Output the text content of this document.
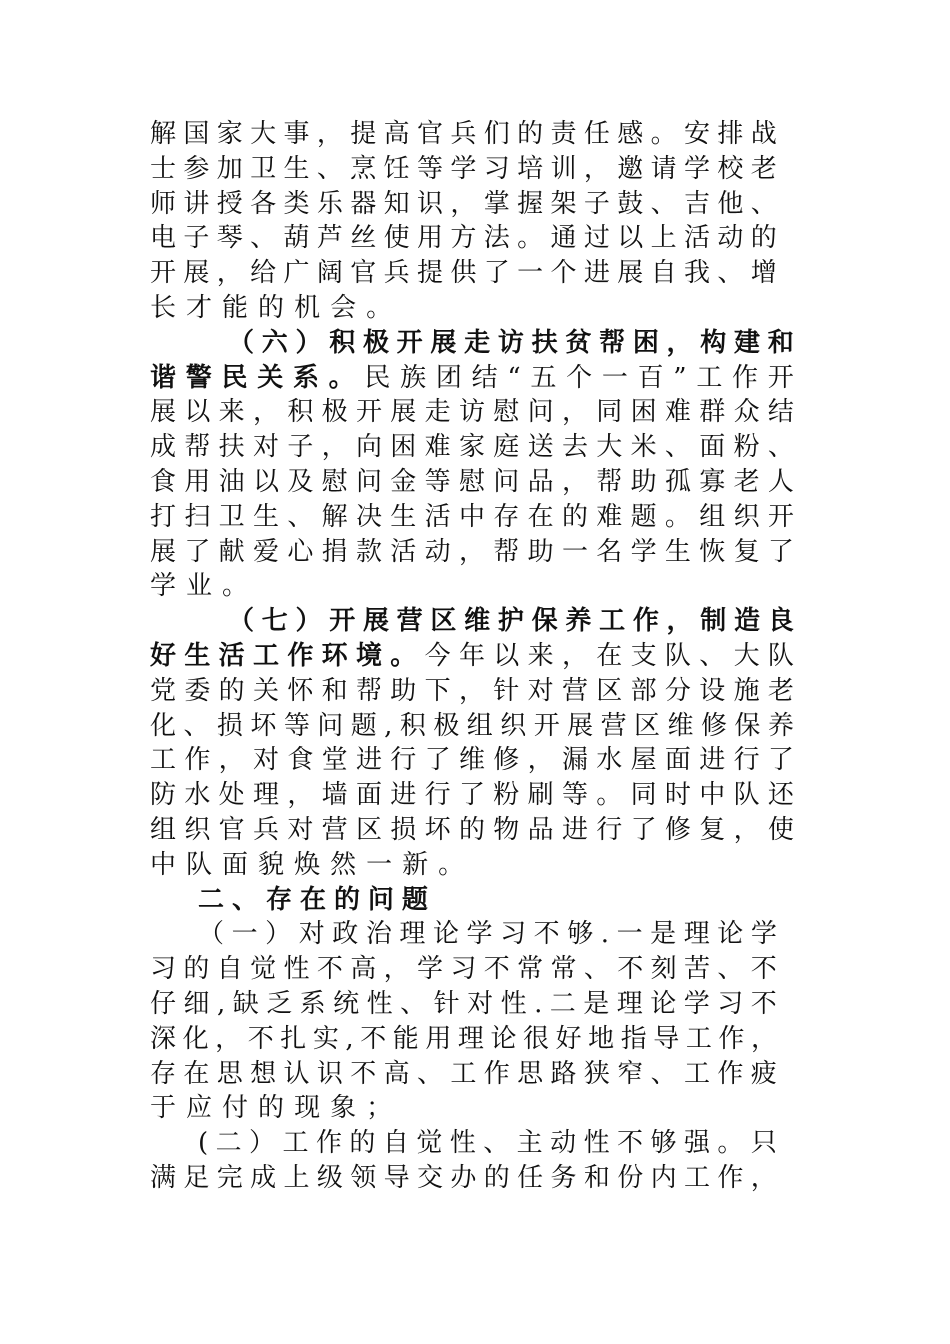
解 国 家 大 事 ， 提 高 官 兵 们 的 责 任 感 。 安 排 战
士 参 加 卫 生 、 烹 饪 等 学 习 培 训 ， 邀 请 学 校 老
师 讲 授 各 类 乐 器 知 识 ， 掌 握 架 子 鼓 、 吉 他 、
电 子 琴 、 葫 芦 丝 使 用 方 法 。 通 过 以 上 活 动 的
开 展 ， 给 广 阔 官 兵 提 供 了 一 个 进 展 自 我 、 增
长 才 能 的 机 会 。
（ 六 ） 积 极 开 展 走 访 扶 贫 帮 困 ， 构 建 和
谐 警 民 关 系 。 民 族 团 结 “ 五 个 一 百 ” 工 作 开
展 以 来 ， 积 极 开 展 走 访 慰 问 ， 同 困 难 群 众 结
成 帮 扶 对 子 ， 向 困 难 家 庭 送 去 大 米 、 面 粉 、
食 用 油 以 及 慰 问 金 等 慰 问 品 ， 帮 助 孤 寡 老 人
打 扫 卫 生 、 解 决 生 活 中 存 在 的 难 题 。 组 织 开
展 了 献 爱 心 捐 款 活 动 ， 帮 助 一 名 学 生 恢 复 了
学 业 。
（ 七 ） 开 展 营 区 维 护 保 养 工 作 ， 制 造 良
好 生 活 工 作 环 境 。 今 年 以 来 ， 在 支 队 、 大 队
党 委 的 关 怀 和 帮 助 下 ， 针 对 营 区 部 分 设 施 老
化 、 损 坏 等 问 题 , 积 极 组 织 开 展 营 区 维 修 保 养
工 作 ， 对 食 堂 进 行 了 维 修 ， 漏 水 屋 面 进 行 了
防 水 处 理 ， 墙 面 进 行 了 粉 刷 等 。 同 时 中 队 还
组 织 官 兵 对 营 区 损 坏 的 物 品 进 行 了 修 复 ， 使
中 队 面 貌 焕 然 一 新 。
二 、 存 在 的 问 题
（ 一 ） 对 政 治 理 论 学 习 不 够 . 一 是 理 论 学
习 的 自 觉 性 不 高 ， 学 习 不 常 常 、 不 刻 苦 、 不
仔 细 , 缺 乏 系 统 性 、 针 对 性 . 二 是 理 论 学 习 不
深 化 ， 不 扎 实 , 不 能 用 理 论 很 好 地 指 导 工 作 ，
存 在 思 想 认 识 不 高 、 工 作 思 路 狭 窄 、 工 作 疲
于 应 付 的 现 象 ；
( 二 ） 工 作 的 自 觉 性 、 主 动 性 不 够 强 。 只
满 足 完 成 上 级 领 导 交 办 的 任 务 和 份 内 工 作 ，
